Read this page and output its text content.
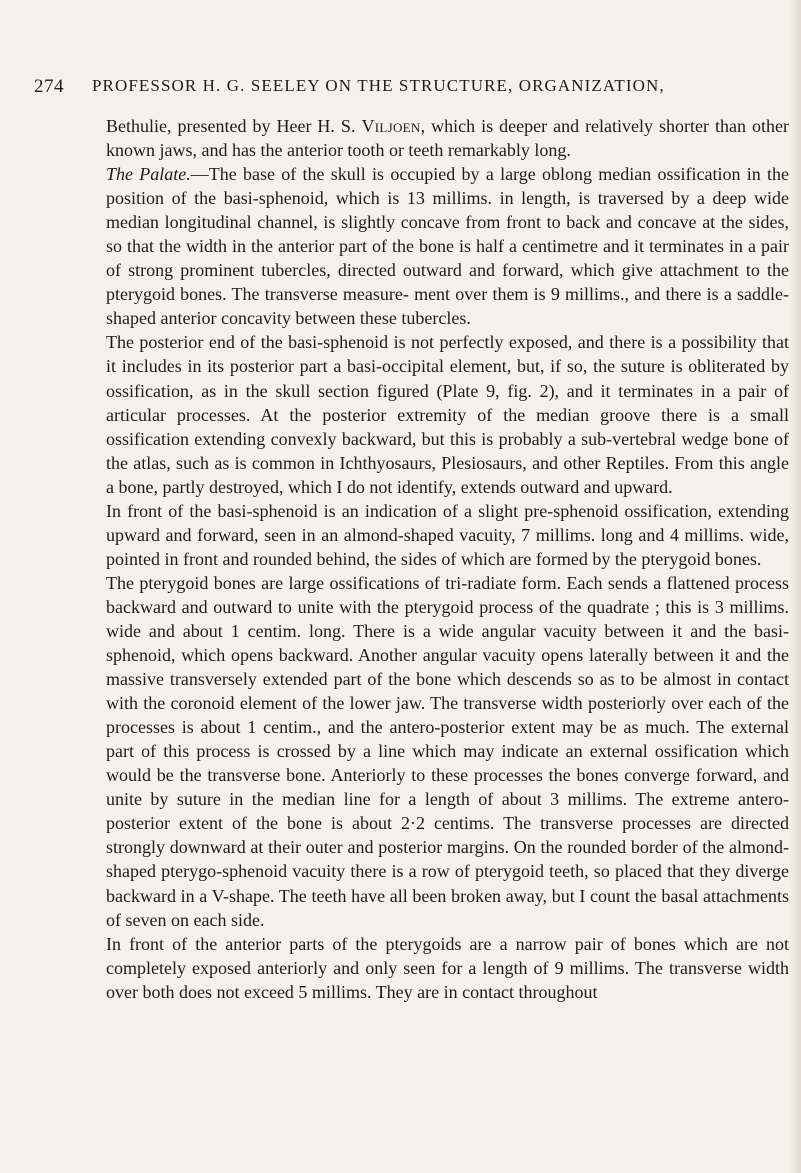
274 PROFESSOR H. G. SEELEY ON THE STRUCTURE, ORGANIZATION,

Bethulie, presented by Heer H. S. Viljoen, which is deeper and relatively shorter than other known jaws, and has the anterior tooth or teeth remarkably long.

The Palate.—The base of the skull is occupied by a large oblong median ossification in the position of the basi-sphenoid, which is 13 millims. in length, is traversed by a deep wide median longitudinal channel, is slightly concave from front to back and concave at the sides, so that the width in the anterior part of the bone is half a centimetre and it terminates in a pair of strong prominent tubercles, directed outward and forward, which give attachment to the pterygoid bones. The transverse measure- ment over them is 9 millims., and there is a saddle-shaped anterior concavity between these tubercles.

The posterior end of the basi-sphenoid is not perfectly exposed, and there is a possibility that it includes in its posterior part a basi-occipital element, but, if so, the suture is obliterated by ossification, as in the skull section figured (Plate 9, fig. 2), and it terminates in a pair of articular processes. At the posterior extremity of the median groove there is a small ossification extending convexly backward, but this is probably a sub-vertebral wedge bone of the atlas, such as is common in Ichthyosaurs, Plesiosaurs, and other Reptiles. From this angle a bone, partly destroyed, which I do not identify, extends outward and upward.

In front of the basi-sphenoid is an indication of a slight pre-sphenoid ossification, extending upward and forward, seen in an almond-shaped vacuity, 7 millims. long and 4 millims. wide, pointed in front and rounded behind, the sides of which are formed by the pterygoid bones.

The pterygoid bones are large ossifications of tri-radiate form. Each sends a flattened process backward and outward to unite with the pterygoid process of the quadrate ; this is 3 millims. wide and about 1 centim. long. There is a wide angular vacuity between it and the basi-sphenoid, which opens backward. Another angular vacuity opens laterally between it and the massive transversely extended part of the bone which descends so as to be almost in contact with the coronoid element of the lower jaw. The transverse width posteriorly over each of the processes is about 1 centim., and the antero-posterior extent may be as much. The external part of this process is crossed by a line which may indicate an external ossification which would be the transverse bone. Anteriorly to these processes the bones converge forward, and unite by suture in the median line for a length of about 3 millims. The extreme antero- posterior extent of the bone is about 2·2 centims. The transverse processes are directed strongly downward at their outer and posterior margins. On the rounded border of the almond-shaped pterygo-sphenoid vacuity there is a row of pterygoid teeth, so placed that they diverge backward in a V-shape. The teeth have all been broken away, but I count the basal attachments of seven on each side.

In front of the anterior parts of the pterygoids are a narrow pair of bones which are not completely exposed anteriorly and only seen for a length of 9 millims. The transverse width over both does not exceed 5 millims. They are in contact throughout
